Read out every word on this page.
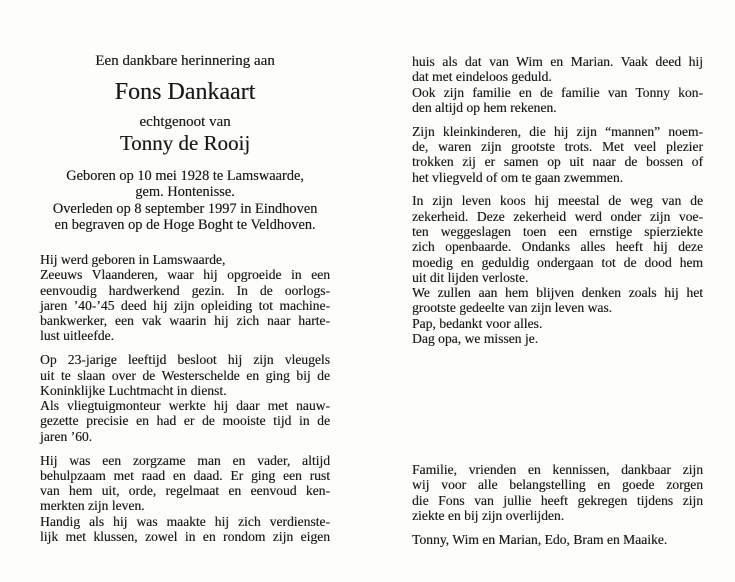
Een dankbare herinnering aan
Fons Dankaart
echtgenoot van
Tonny de Rooij
Geboren op 10 mei 1928 te Lamswaarde,
gem. Hontenisse.
Overleden op 8 september 1997 in Eindhoven
en begraven op de Hoge Boght te Veldhoven.
Hij werd geboren in Lamswaarde,
Zeeuws Vlaanderen, waar hij opgroeide in een
eenvoudig hardwerkend gezin. In de oorlogs-
jaren ’40-’45 deed hij zijn opleiding tot machine-
bankwerker, een vak waarin hij zich naar harte-
lust uitleefde.
Op 23-jarige leeftijd besloot hij zijn vleugels
uit te slaan over de Westerschelde en ging bij de
Koninklijke Luchtmacht in dienst.
Als vliegtuigmonteur werkte hij daar met nauw-
gezette precisie en had er de mooiste tijd in de
jaren ’60.
Hij was een zorgzame man en vader, altijd
behulpzaam met raad en daad. Er ging een rust
van hem uit, orde, regelmaat en eenvoud ken-
merkten zijn leven.
Handig als hij was maakte hij zich verdienste-
lijk met klussen, zowel in en rondom zijn eigen
huis als dat van Wim en Marian. Vaak deed hij
dat met eindeloos geduld.
Ook zijn familie en de familie van Tonny kon-
den altijd op hem rekenen.
Zijn kleinkinderen, die hij zijn “mannen” noem-
de, waren zijn grootste trots. Met veel plezier
trokken zij er samen op uit naar de bossen of
het vliegveld of om te gaan zwemmen.
In zijn leven koos hij meestal de weg van de
zekerheid. Deze zekerheid werd onder zijn voe-
ten weggeslagen toen een ernstige spierziekte
zich openbaarde. Ondanks alles heeft hij deze
moedig en geduldig ondergaan tot de dood hem
uit dit lijden verloste.
We zullen aan hem blijven denken zoals hij het
grootste gedeelte van zijn leven was.
Pap, bedankt voor alles.
Dag opa, we missen je.
Familie, vrienden en kennissen, dankbaar zijn
wij voor alle belangstelling en goede zorgen
die Fons van jullie heeft gekregen tijdens zijn
ziekte en bij zijn overlijden.
Tonny, Wim en Marian, Edo, Bram en Maaike.
